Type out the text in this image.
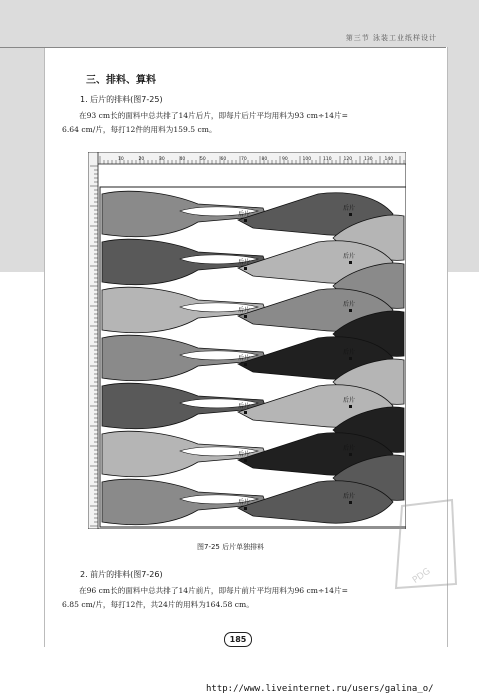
第三节 泳装工业纸样设计
三、排料、算料
1. 后片的排料(图7-25)
在93 cm长的面料中总共排了14片后片，即每片后片平均用料为93 cm÷14片=
6.64 cm/片，每打12件的用料为159.5 cm。
10	20	30	40	50	60	70	80	90	100	110	120	130	140
后片
后片
后片
后片
后片
后片
后片
后片
后片
后片
后片
后片
后片
后片
图7-25 后片单独排料
2. 前片的排料(图7-26)
在96 cm长的面料中总共排了14片前片，即每片前片平均用料为96 cm÷14片=
6.85 cm/片，每打12件，共24片的用料为164.58 cm。
185
PDG
http://www.liveinternet.ru/users/galina_o/
